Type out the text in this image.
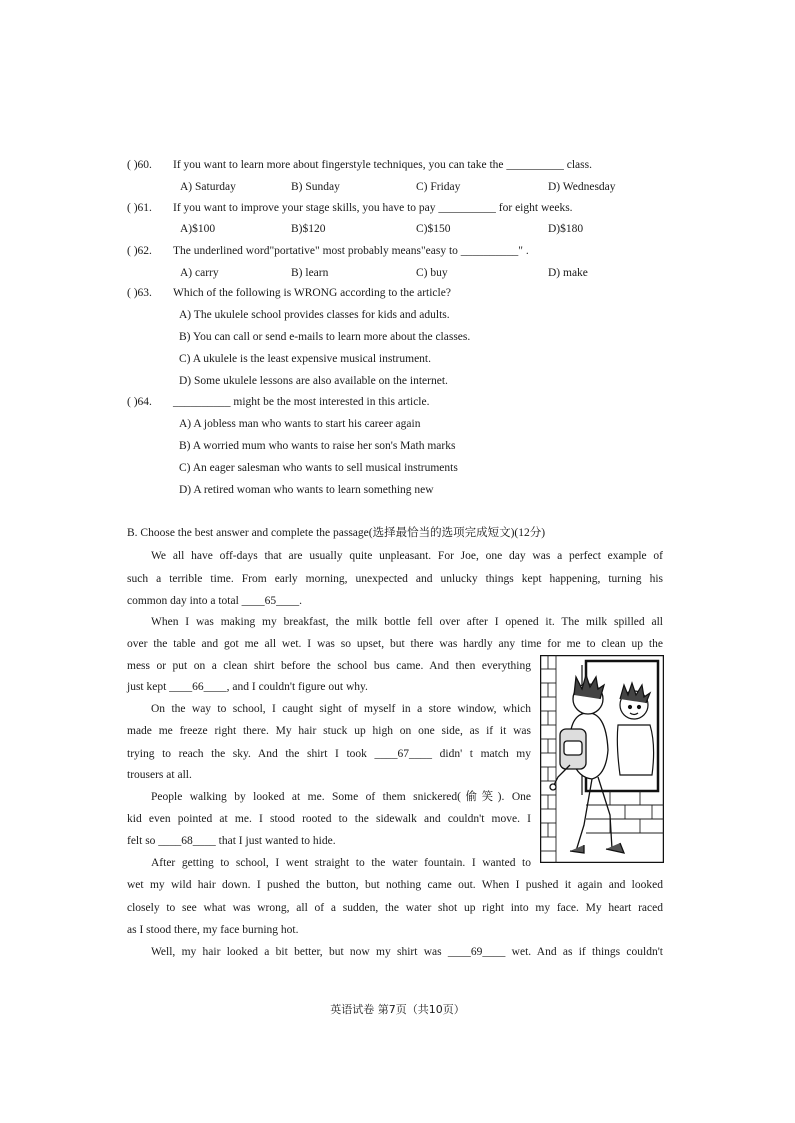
( )60. If you want to learn more about fingerstyle techniques, you can take the __________ class.
A) Saturday	B) Sunday	C) Friday	D) Wednesday
( )61. If you want to improve your stage skills, you have to pay __________ for eight weeks.
A)$100	B)$120	C)$150	D)$180
( )62. The underlined word"portative" most probably means"easy to __________" .
A) carry	B) learn	C) buy	D) make
( )63. Which of the following is WRONG according to the article?
A) The ukulele school provides classes for kids and adults.
B) You can call or send e-mails to learn more about the classes.
C) A ukulele is the least expensive musical instrument.
D) Some ukulele lessons are also available on the internet.
( )64. __________ might be the most interested in this article.
A) A jobless man who wants to start his career again
B) A worried mum who wants to raise her son's Math marks
C) An eager salesman who wants to sell musical instruments
D) A retired woman who wants to learn something new
B. Choose the best answer and complete the passage(选择最恰当的选项完成短文)(12分)
We all have off-days that are usually quite unpleasant. For Joe, one day was a perfect example of
such a terrible time. From early morning, unexpected and unlucky things kept happening, turning his
common day into a total ____65____.
When I was making my breakfast, the milk bottle fell over after I opened it. The milk spilled all
over the table and got me all wet. I was so upset, but there was hardly any time for me to clean up the
mess or put on a clean shirt before the school bus came. And then everything
just kept ____66____, and I couldn't figure out why.
On the way to school, I caught sight of myself in a store window, which
made me freeze right there. My hair stuck up high on one side, as if it was
trying to reach the sky. And the shirt I took ____67____ didn' t match my
trousers at all.
People walking by looked at me. Some of them snickered(偷笑). One
kid even pointed at me. I stood rooted to the sidewalk and couldn't move. I
felt so ____68____ that I just wanted to hide.
After getting to school, I went straight to the water fountain. I wanted to
wet my wild hair down. I pushed the button, but nothing came out. When I pushed it again and looked
closely to see what was wrong, all of a sudden, the water shot up right into my face. My heart raced
as I stood there, my face burning hot.
Well, my hair looked a bit better, but now my shirt was ____69____ wet. And as if things couldn't
英语试卷 第7页（共10页）
